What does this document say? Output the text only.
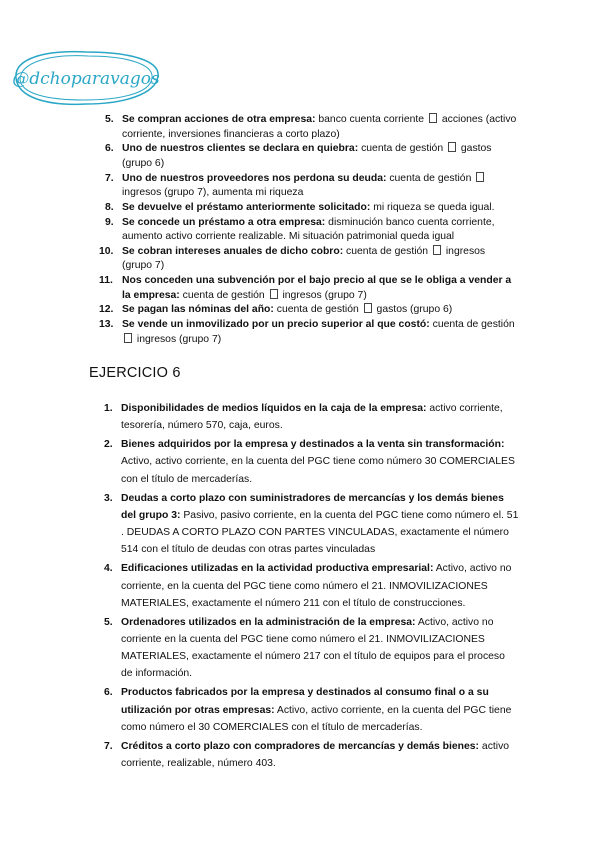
@dchoparavagos
5. Se compran acciones de otra empresa: banco cuenta corriente  acciones (activo corriente, inversiones financieras a corto plazo)
6. Uno de nuestros clientes se declara en quiebra: cuenta de gestión  gastos (grupo 6)
7. Uno de nuestros proveedores nos perdona su deuda: cuenta de gestión  ingresos (grupo 7), aumenta mi riqueza
8. Se devuelve el préstamo anteriormente solicitado: mi riqueza se queda igual.
9. Se concede un préstamo a otra empresa: disminución banco cuenta corriente, aumento activo corriente realizable. Mi situación patrimonial queda igual
10. Se cobran intereses anuales de dicho cobro: cuenta de gestión  ingresos (grupo 7)
11. Nos conceden una subvención por el bajo precio al que se le obliga a vender a la empresa: cuenta de gestión  ingresos (grupo 7)
12. Se pagan las nóminas del año: cuenta de gestión  gastos (grupo 6)
13. Se vende un inmovilizado por un precio superior al que costó: cuenta de gestión  ingresos (grupo 7)
EJERCICIO 6
1. Disponibilidades de medios líquidos en la caja de la empresa: activo corriente, tesorería, número 570, caja, euros.
2. Bienes adquiridos por la empresa y destinados a la venta sin transformación: Activo, activo corriente, en la cuenta del PGC tiene como número 30 COMERCIALES con el título de mercaderías.
3. Deudas a corto plazo con suministradores de mercancías y los demás bienes del grupo 3: Pasivo, pasivo corriente, en la cuenta del PGC tiene como número el. 51 . DEUDAS A CORTO PLAZO CON PARTES VINCULADAS, exactamente el número 514 con el título de deudas con otras partes vinculadas
4. Edificaciones utilizadas en la actividad productiva empresarial: Activo, activo no corriente, en la cuenta del PGC tiene como número el 21. INMOVILIZACIONES MATERIALES, exactamente el número 211 con el título de construcciones.
5. Ordenadores utilizados en la administración de la empresa: Activo, activo no corriente en la cuenta del PGC tiene como número el 21. INMOVILIZACIONES MATERIALES, exactamente el número 217 con el título de equipos para el proceso de información.
6. Productos fabricados por la empresa y destinados al consumo final o a su utilización por otras empresas: Activo, activo corriente, en la cuenta del PGC tiene como número el 30 COMERCIALES con el título de mercaderías.
7. Créditos a corto plazo con compradores de mercancías y demás bienes: activo corriente, realizable, número 403.
